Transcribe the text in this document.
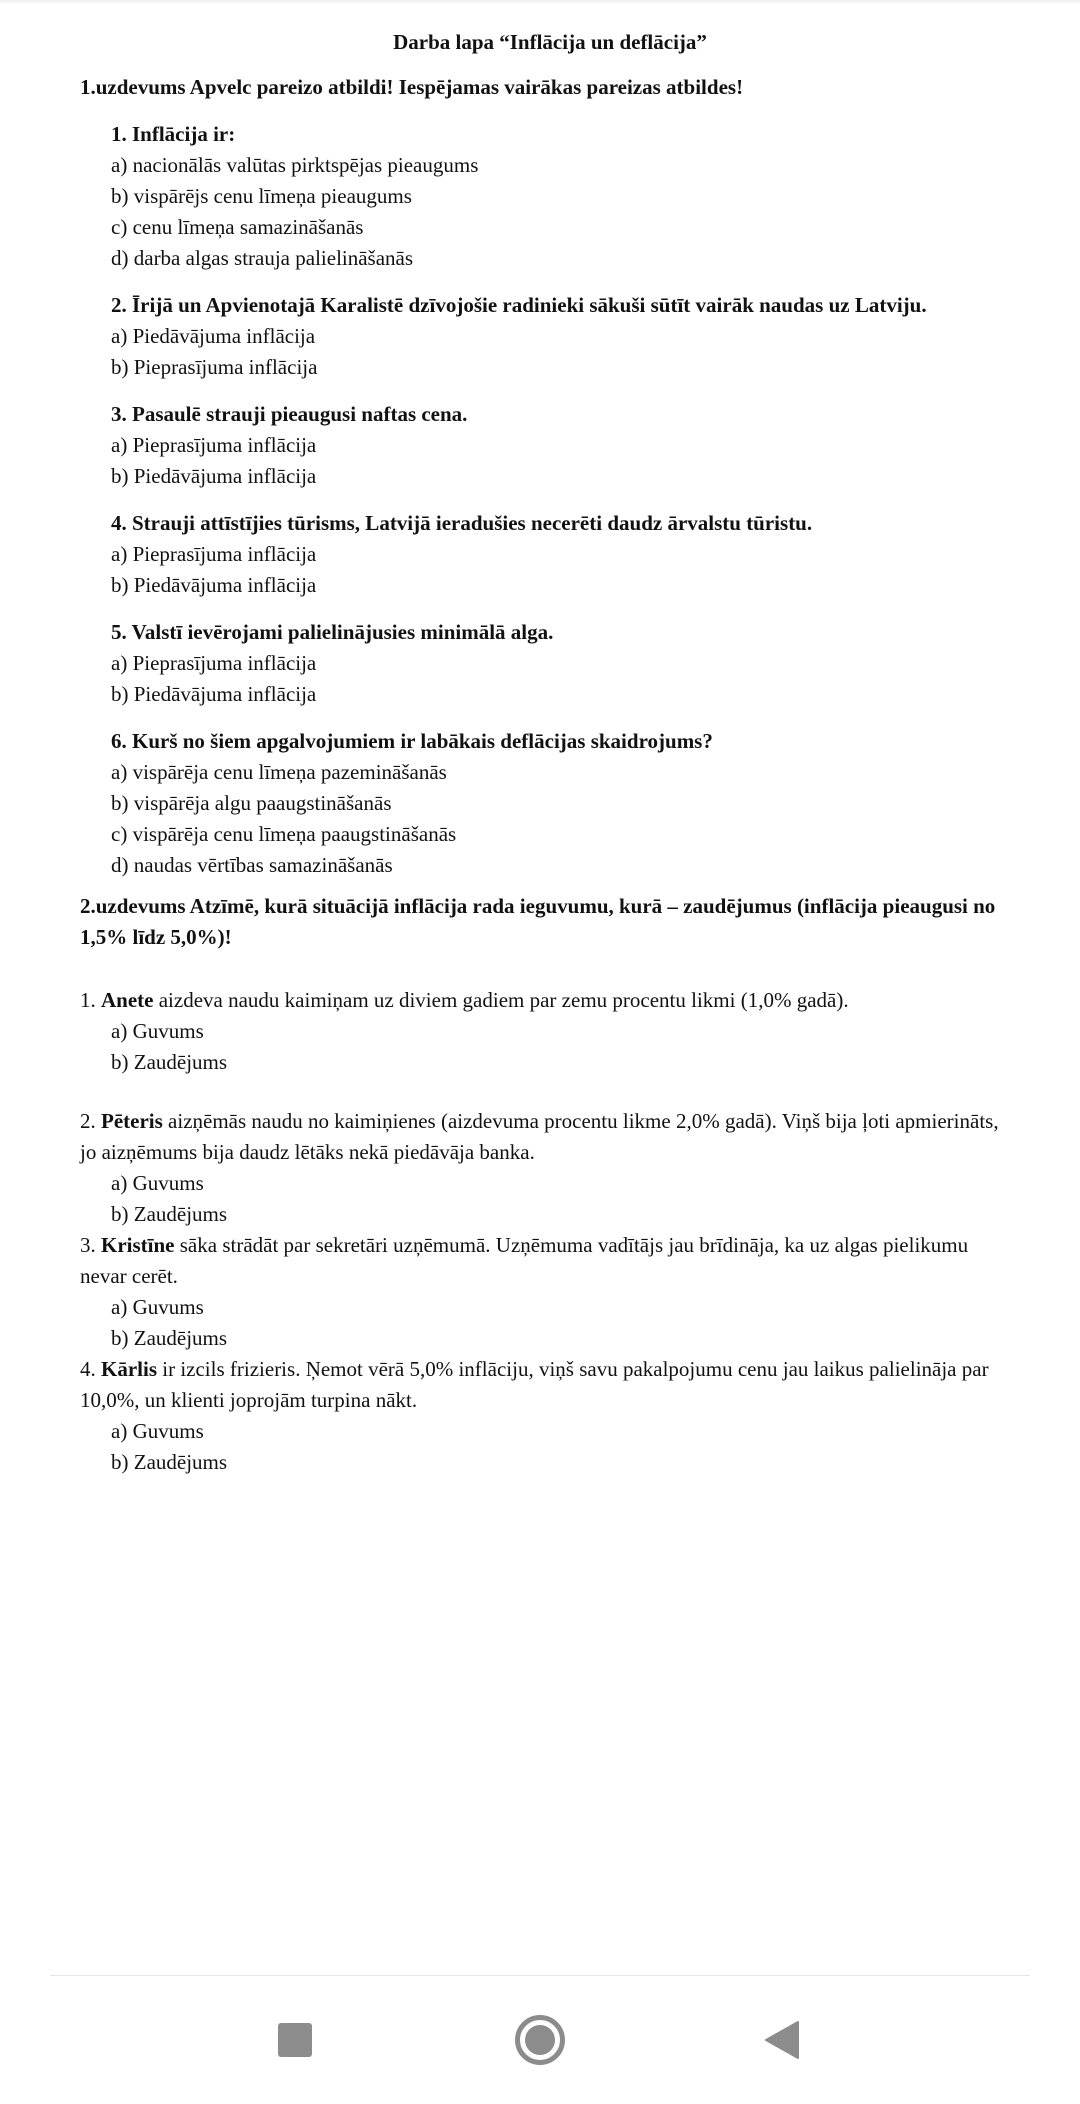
Darba lapa “Inflācija un deflācija”

1.uzdevums Apvelc pareizo atbildi! Iespējamas vairākas pareizas atbildes!

1. Inflācija ir:
a) nacionālās valūtas pirktspējas pieaugums
b) vispārējs cenu līmeņa pieaugums
c) cenu līmeņa samazināšanās
d) darba algas strauja palielināšanās
2. Īrijā un Apvienotajā Karalistē dzīvojošie radinieki sākuši sūtīt vairāk naudas uz Latviju.
a) Piedāvājuma inflācija
b) Pieprasījuma inflācija
3. Pasaulē strauji pieaugusi naftas cena.
a) Pieprasījuma inflācija
b) Piedāvājuma inflācija
4. Strauji attīstījies tūrisms, Latvijā ieradušies necerēti daudz ārvalstu tūristu.
a) Pieprasījuma inflācija
b) Piedāvājuma inflācija
5. Valstī ievērojami palielinājusies minimālā alga.
a) Pieprasījuma inflācija
b) Piedāvājuma inflācija
6. Kurš no šiem apgalvojumiem ir labākais deflācijas skaidrojums?
a) vispārēja cenu līmeņa pazemināšanās
b) vispārēja algu paaugstināšanās
c) vispārēja cenu līmeņa paaugstināšanās
d) naudas vērtības samazināšanās

2.uzdevums Atzīmē, kurā situācijā inflācija rada ieguvumu, kurā – zaudējumus (inflācija pieaugusi no 1,5% līdz 5,0%)!

1. Anete aizdeva naudu kaimiņam uz diviem gadiem par zemu procentu likmi (1,0% gadā).
a) Guvums
b) Zaudējums
2. Pēteris aizņēmās naudu no kaimiņienes (aizdevuma procentu likme 2,0% gadā). Viņš bija ļoti apmierināts, jo aizņēmums bija daudz lētāks nekā piedāvāja banka.
a) Guvums
b) Zaudējums
3. Kristīne sāka strādāt par sekretāri uzņēmumā. Uzņēmuma vadītājs jau brīdināja, ka uz algas pielikumu nevar cerēt.
a) Guvums
b) Zaudējums
4. Kārlis ir izcils frizieris. Ņemot vērā 5,0% inflāciju, viņš savu pakalpojumu cenu jau laikus palielināja par 10,0%, un klienti joprojām turpina nākt.
a) Guvums
b) Zaudējums
